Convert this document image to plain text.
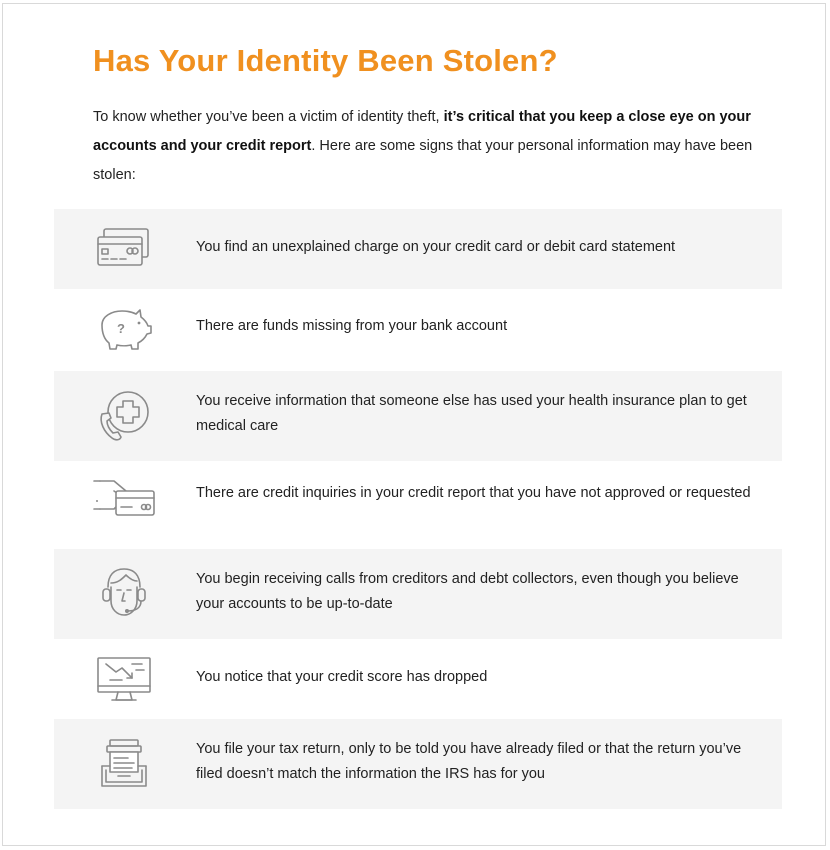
Has Your Identity Been Stolen?

To know whether you’ve been a victim of identity theft, it’s critical that you keep a close eye on your accounts and your credit report. Here are some signs that your personal information may have been stolen:

You find an unexplained charge on your credit card or debit card statement

?	There are funds missing from your bank account

You receive information that someone else has used your health insurance plan to get medical care

There are credit inquiries in your credit report that you have not approved or requested

You begin receiving calls from creditors and debt collectors, even though you believe your accounts to be up-to-date

You notice that your credit score has dropped

You file your tax return, only to be told you have already filed or that the return you’ve filed doesn’t match the information the IRS has for you
